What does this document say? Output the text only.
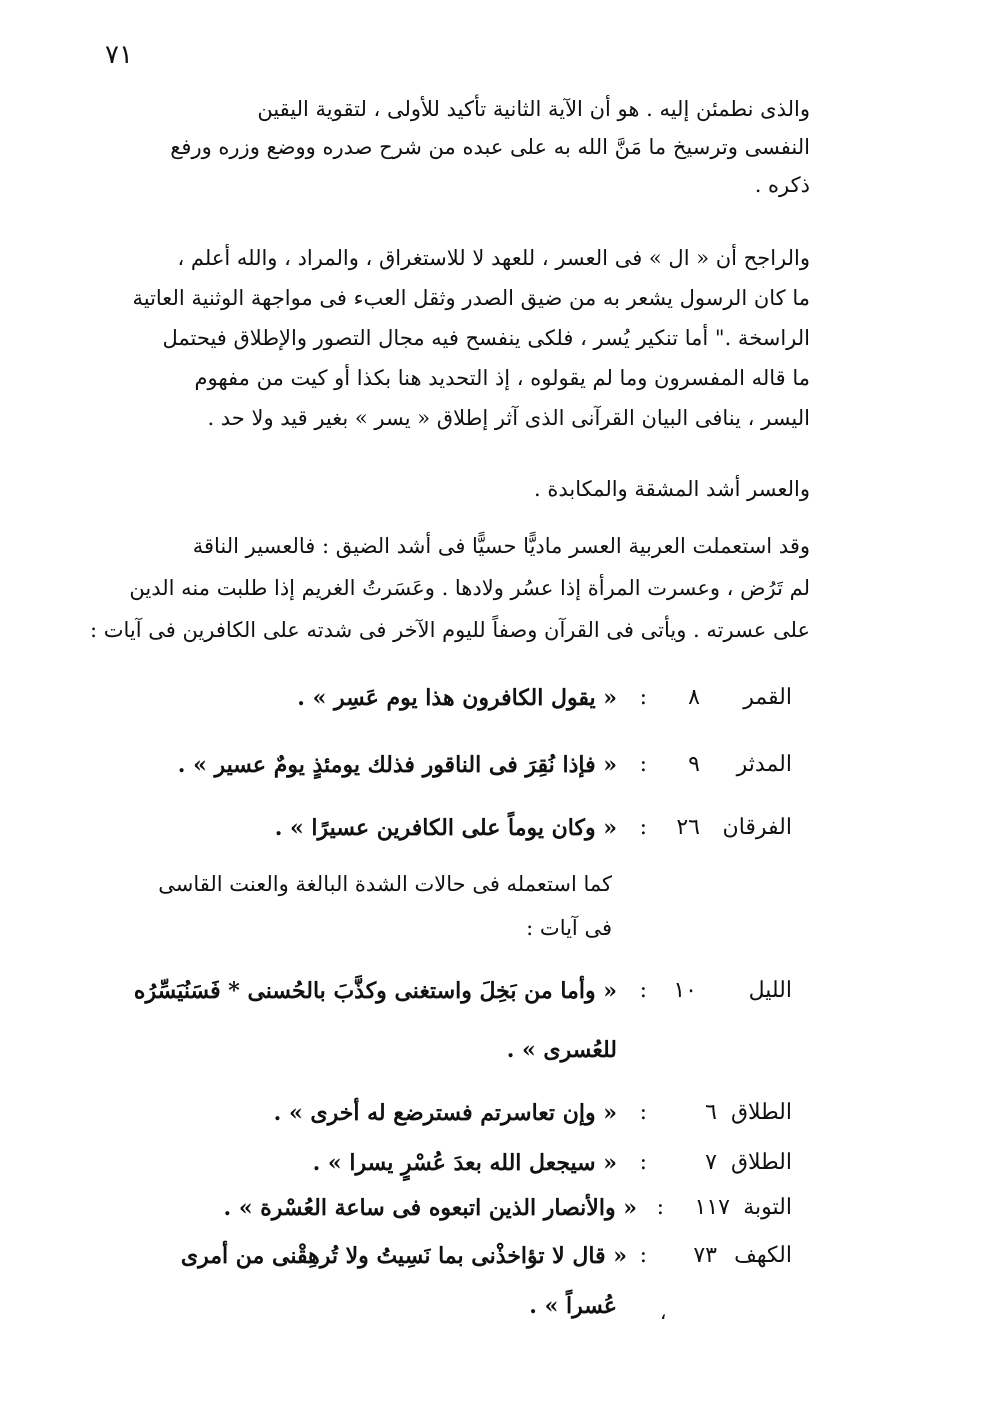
٧١
والذى نطمئن إليه . هو أن الآية الثانية تأكيد للأولى ، لتقوية اليقين
النفسى وترسيخ ما مَنَّ الله به على عبده من شرح صدره ووضع وزره ورفع
ذكره .
والراجح أن « ال » فى العسر ، للعهد لا للاستغراق ، والمراد ، والله أعلم ،
ما كان الرسول يشعر به من ضيق الصدر وثقل العبء فى مواجهة الوثنية العاتية
الراسخة ." أما تنكير يُسر ، فلكى ينفسح فيه مجال التصور والإطلاق فيحتمل
ما قاله المفسرون وما لم يقولوه ، إذ التحديد هنا بكذا أو كيت من مفهوم
اليسر ، ينافى البيان القرآنى الذى آثر إطلاق « يسر » بغير قيد ولا حد .
والعسر أشد المشقة والمكابدة .
وقد استعملت العربية العسر ماديًّا حسيًّا فى أشد الضيق : فالعسير الناقة
لم تَرُض ، وعسرت المرأة إذا عسُر ولادها . وعَسَرتُ الغريم إذا طلبت منه الدين
على عسرته . ويأتى فى القرآن وصفاً لليوم الآخر فى شدته على الكافرين فى آيات :
القمر
٨
:
« يقول الكافرون هذا يوم عَسِر » .
المدثر
٩
:
« فإذا نُقِرَ فى الناقور فذلك يومئذٍ يومٌ عسير » .
الفرقان
٢٦
:
« وكان يوماً على الكافرين عسيرًا » .
كما استعمله فى حالات الشدة البالغة والعنت القاسى
فى آيات :
الليل
١٠
:
« وأما من بَخِلَ واستغنى وكذَّبَ بالحُسنى * فَسَنُيَسِّرُه
للعُسرى » .
الطلاق
٦
:
« وإن تعاسرتم فسترضع له أخرى » .
الطلاق
٧
:
« سيجعل الله بعدَ عُسْرٍ يسرا » .
التوبة
١١٧
:
« والأنصار الذين اتبعوه فى ساعة العُسْرة » .
الكهف
٧٣
:
« قال لا تؤاخذْنى بما نَسِيتُ ولا تُرهِقْنى من أمرى
عُسراً » . ،
